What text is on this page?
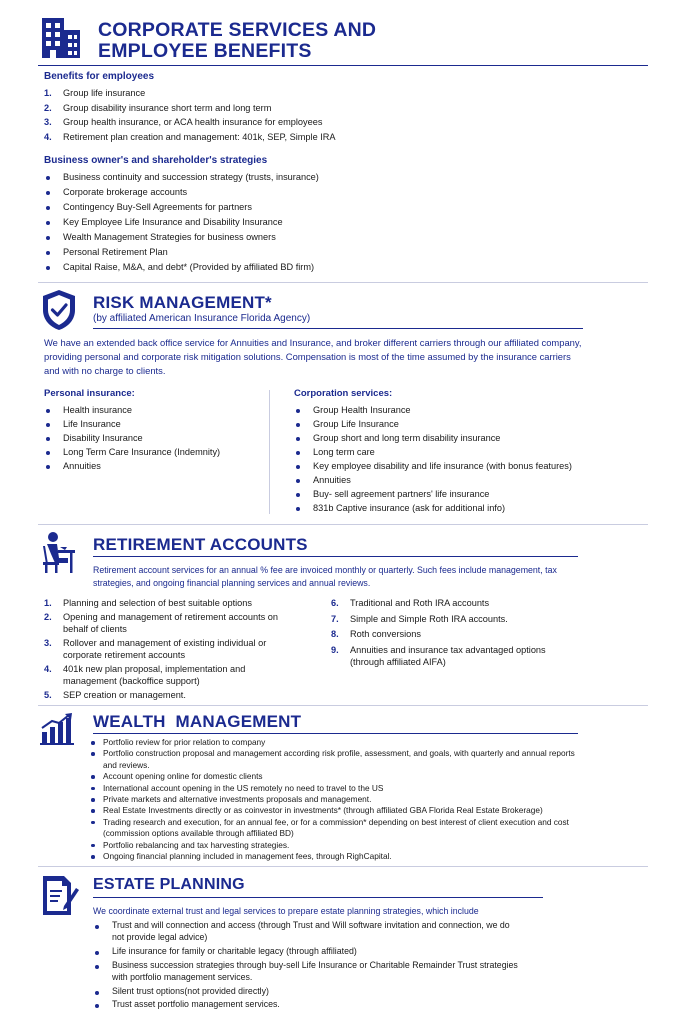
CORPORATE SERVICES AND
EMPLOYEE BENEFITS
Benefits for employees
1. Group life insurance
2. Group disability insurance short term and long term
3. Group health insurance, or ACA health insurance for employees
4. Retirement plan creation and management: 401k, SEP, Simple IRA
Business owner's and shareholder's strategies
Business continuity and succession strategy (trusts, insurance)
Corporate brokerage accounts
Contingency Buy-Sell Agreements for partners
Key Employee Life Insurance and Disability Insurance
Wealth Management Strategies for business owners
Personal Retirement Plan
Capital Raise, M&A, and debt* (Provided by affiliated BD firm)
RISK MANAGEMENT*
(by affiliated American Insurance Florida Agency)
We have an extended back office service for Annuities and Insurance, and broker different carriers through our affiliated company, providing personal and corporate risk mitigation solutions. Compensation is most of the time assumed by the insurance carriers and with no charge to clients.
Personal insurance:
Health insurance
Life Insurance
Disability Insurance
Long Term Care Insurance (Indemnity)
Annuities
Corporation services:
Group Health Insurance
Group Life Insurance
Group short and long term disability insurance
Long term care
Key employee disability and life insurance (with bonus features)
Annuities
Buy- sell agreement partners' life insurance
831b Captive insurance (ask for additional info)
RETIREMENT ACCOUNTS
Retirement account services for an annual % fee are invoiced monthly or quarterly. Such fees include management, tax strategies, and ongoing financial planning services and annual reviews.
1. Planning and selection of best suitable options
2. Opening and management of retirement accounts on behalf of clients
3. Rollover and management of existing individual or corporate retirement accounts
4. 401k new plan proposal, implementation and management (backoffice support)
5. SEP creation or management.
6. Traditional and Roth IRA accounts
7. Simple and Simple Roth IRA accounts.
8. Roth conversions
9. Annuities and insurance tax advantaged options (through affiliated AIFA)
WEALTH  MANAGEMENT
Portfolio review for prior relation to company
Portfolio construction proposal and management according risk profile, assessment, and goals, with quarterly and annual reports and reviews.
Account opening online for domestic clients
International account opening in the US remotely no need to travel to the US
Private markets and alternative investments proposals and management.
Real Estate Investments directly or as coinvestor in investments* (through affiliated GBA Florida Real Estate Brokerage)
Trading research and execution, for an annual fee, or for a commission* depending on best interest of client execution and cost (commission options available through affiliated BD)
Portfolio rebalancing and tax harvesting strategies.
Ongoing financial planning included in management fees, through RighCapital.
ESTATE PLANNING
We coordinate external trust and legal services to prepare estate planning strategies, which include
Trust and will connection and access (through Trust and Will software invitation and connection, we do not provide legal advice)
Life insurance for family or charitable legacy (through affiliated)
Business succession strategies through buy-sell Life Insurance or Charitable Remainder Trust strategies with portfolio management services.
Silent trust options(not provided directly)
Trust asset portfolio management services.
